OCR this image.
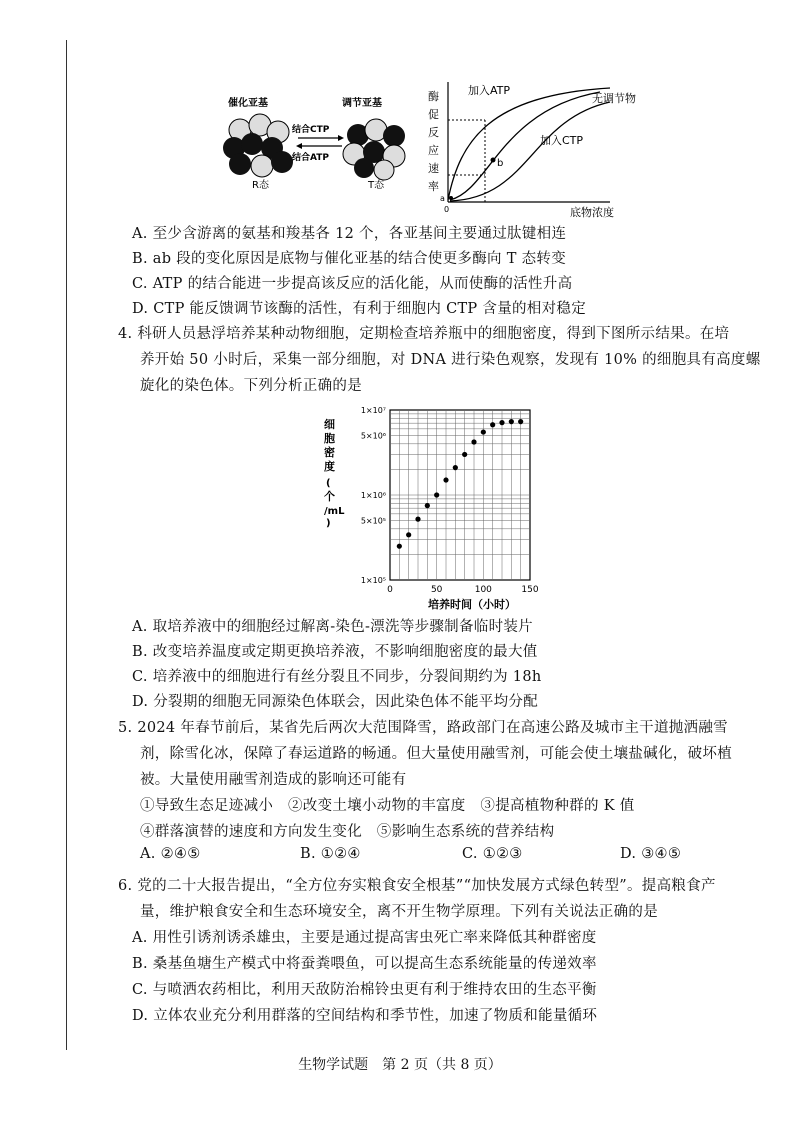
催化亚基	调节亚基
R态
结合CTP
结合ATP
T态
酶
促
反
应
速
率
0
a
b
加入ATP
无调节物
加入CTP
底物浓度
A. 至少含游离的氨基和羧基各 12 个，各亚基间主要通过肽键相连
B. ab 段的变化原因是底物与催化亚基的结合使更多酶向 T 态转变
C. ATP 的结合能进一步提高该反应的活化能，从而使酶的活性升高
D. CTP 能反馈调节该酶的活性，有利于细胞内 CTP 含量的相对稳定
4. 科研人员悬浮培养某种动物细胞，定期检查培养瓶中的细胞密度，得到下图所示结果。在培
养开始 50 小时后，采集一部分细胞，对 DNA 进行染色观察，发现有 10% 的细胞具有高度螺
旋化的染色体。下列分析正确的是
细
胞
密
度
(
个
/mL
)
1×10⁵
5×10⁵
1×10⁶
5×10⁶
1×10⁷
0	50	100	150
培养时间（小时）
A. 取培养液中的细胞经过解离-染色-漂洗等步骤制备临时装片
B. 改变培养温度或定期更换培养液，不影响细胞密度的最大值
C. 培养液中的细胞进行有丝分裂且不同步，分裂间期约为 18h
D. 分裂期的细胞无同源染色体联会，因此染色体不能平均分配
5. 2024 年春节前后，某省先后两次大范围降雪，路政部门在高速公路及城市主干道抛洒融雪
剂，除雪化冰，保障了春运道路的畅通。但大量使用融雪剂，可能会使土壤盐碱化，破坏植
被。大量使用融雪剂造成的影响还可能有
①导致生态足迹减小　②改变土壤小动物的丰富度　③提高植物种群的 K 值
④群落演替的速度和方向发生变化　⑤影响生态系统的营养结构
A. ②④⑤	B. ①②④	C. ①②③	D. ③④⑤
6. 党的二十大报告提出，“全方位夯实粮食安全根基”“加快发展方式绿色转型”。提高粮食产
量，维护粮食安全和生态环境安全，离不开生物学原理。下列有关说法正确的是
A. 用性引诱剂诱杀雄虫，主要是通过提高害虫死亡率来降低其种群密度
B. 桑基鱼塘生产模式中将蚕粪喂鱼，可以提高生态系统能量的传递效率
C. 与喷洒农药相比，利用天敌防治棉铃虫更有利于维持农田的生态平衡
D. 立体农业充分利用群落的空间结构和季节性，加速了物质和能量循环
生物学试题　第 2 页（共 8 页）
